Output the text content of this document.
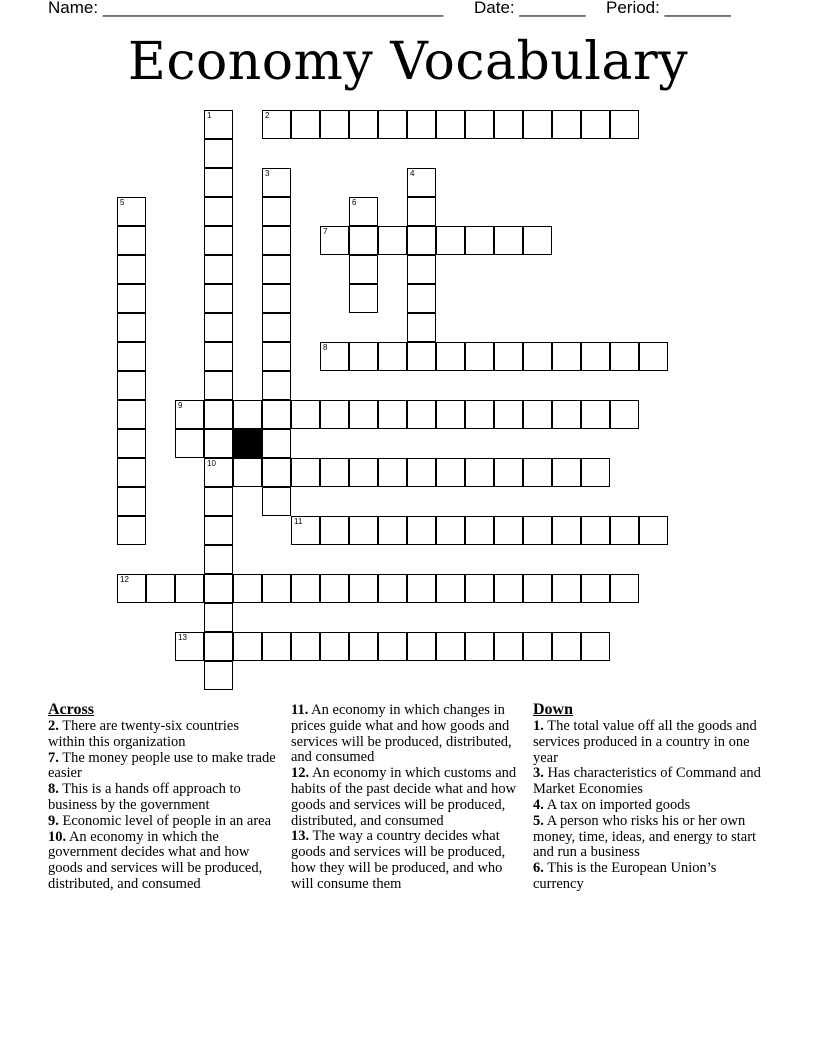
Name: ____________________________________ Date: _______ Period: _______
Economy Vocabulary
1
10
3	4
5	6
2
7
8
9
11
12
13
Across

2. There are twenty-six countries within this organization

7. The money people use to make trade easier

8. This is a hands off approach to business by the government

9. Economic level of people in an area

10. An economy in which the government decides what and how goods and services will be produced, distributed, and consumed

11. An economy in which changes in prices guide what and how goods and services will be produced, distributed, and consumed

12. An economy in which customs and habits of the past decide what and how goods and services will be produced, distributed, and consumed

13. The way a country decides what goods and services will be produced, how they will be produced, and who will consume them

Down

1. The total value off all the goods and services produced in a country in one year

3. Has characteristics of Command and Market Economies

4. A tax on imported goods

5. A person who risks his or her own money, time, ideas, and energy to start and run a business

6. This is the European Union’s currency
